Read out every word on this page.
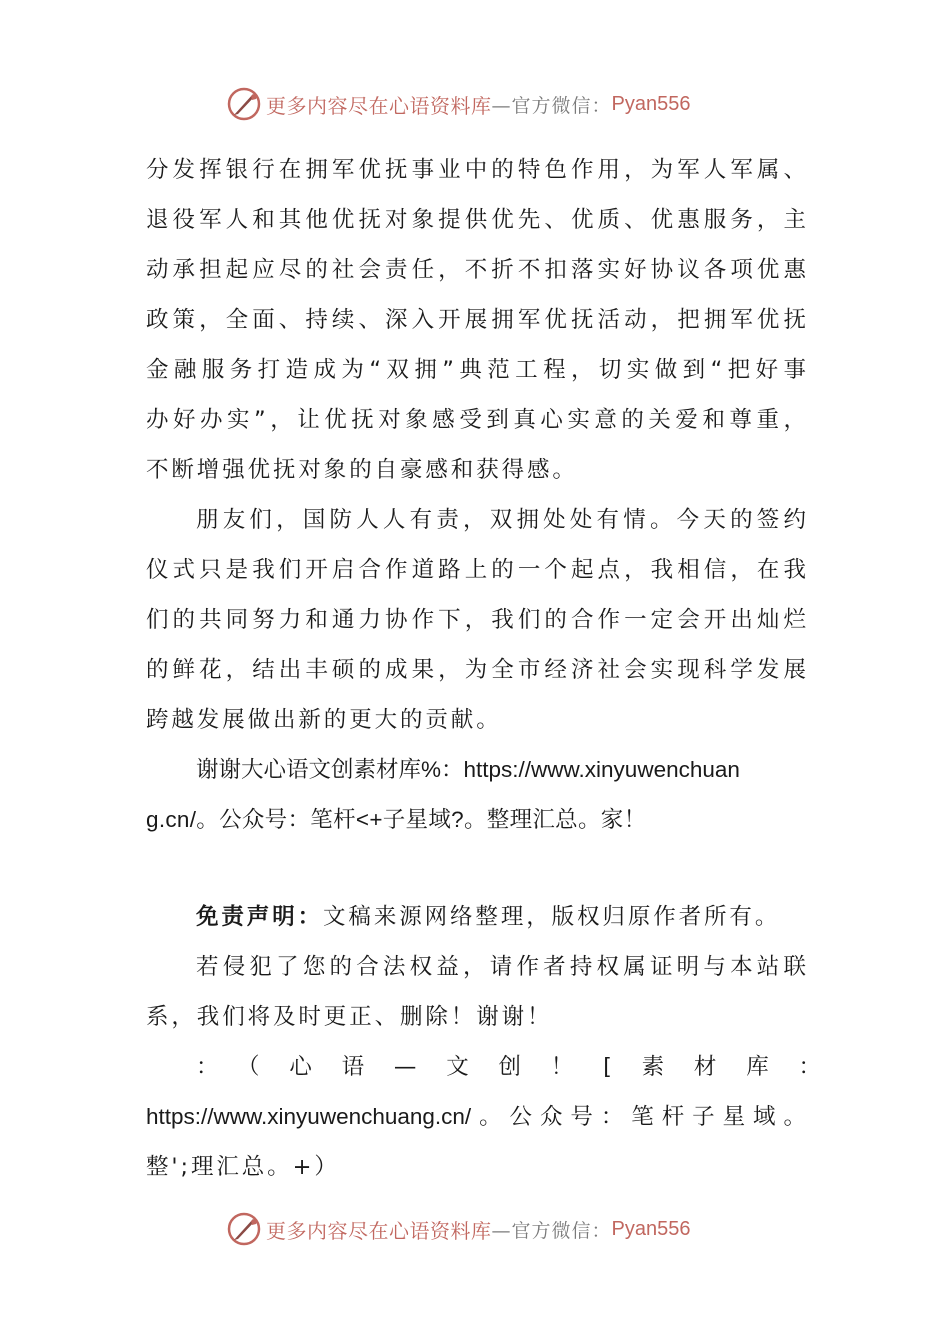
更多内容尽在心语资料库 —官方微信： Pyan556
分发挥银行在拥军优抚事业中的特色作用，为军人军属、
退役军人和其他优抚对象提供优先、优质、优惠服务，主
动承担起应尽的社会责任，不折不扣落实好协议各项优惠
政策，全面、持续、深入开展拥军优抚活动，把拥军优抚
金融服务打造成为“双拥”典范工程，切实做到“把好事
办好办实”，让优抚对象感受到真心实意的关爱和尊重，
不断增强优抚对象的自豪感和获得感。
朋友们，国防人人有责，双拥处处有情。今天的签约
仪式只是我们开启合作道路上的一个起点，我相信，在我
们的共同努力和通力协作下，我们的合作一定会开出灿烂
的鲜花，结出丰硕的成果，为全市经济社会实现科学发展
跨越发展做出新的更大的贡献。
谢谢大心语文创素材库%：https://www.xinyuwenchuan
g.cn/。公众号：笔杆<+子星域?。整理汇总。家！
免责声明：文稿来源网络整理，版权归原作者所有。
若侵犯了您的合法权益，请作者持权属证明与本站联
系，我们将及时更正、删除！谢谢！
：（心语—文创！[素材库：
https://www.xinyuwenchuang.cn/。公众号：笔杆子星域。
整';理汇总。+）
更多内容尽在心语资料库 —官方微信： Pyan556
